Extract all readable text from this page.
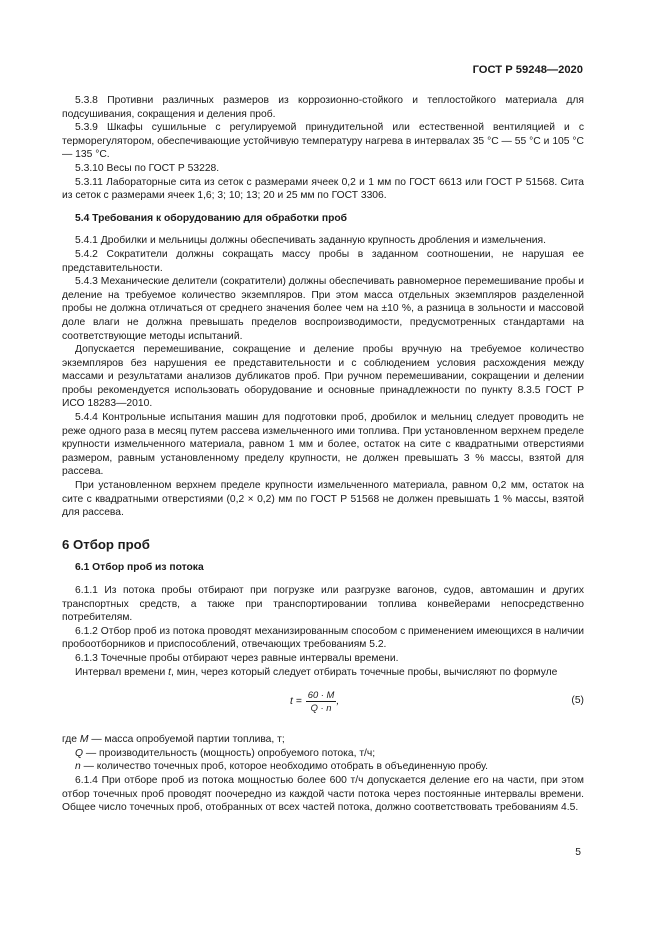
ГОСТ Р 59248—2020

5.3.8 Противни различных размеров из коррозионно-стойкого и теплостойкого материала для подсушивания, сокращения и деления проб.

5.3.9 Шкафы сушильные с регулируемой принудительной или естественной вентиляцией и с терморегулятором, обеспечивающие устойчивую температуру нагрева в интервалах 35 °С — 55 °С и 105 °С — 135 °С.

5.3.10 Весы по ГОСТ Р 53228.

5.3.11 Лабораторные сита из сеток с размерами ячеек 0,2 и 1 мм по ГОСТ 6613 или ГОСТ Р 51568. Сита из сеток с размерами ячеек 1,6; 3; 10; 13; 20 и 25 мм по ГОСТ 3306.

5.4 Требования к оборудованию для обработки проб

5.4.1 Дробилки и мельницы должны обеспечивать заданную крупность дробления и измельчения.

5.4.2 Сократители должны сокращать массу пробы в заданном соотношении, не нарушая ее представительности.

5.4.3 Механические делители (сократители) должны обеспечивать равномерное перемешивание пробы и деление на требуемое количество экземпляров. При этом масса отдельных экземпляров разделенной пробы не должна отличаться от среднего значения более чем на ±10 %, а разница в зольности и массовой доле влаги не должна превышать пределов воспроизводимости, предусмотренных стандартами на соответствующие методы испытаний.

Допускается перемешивание, сокращение и деление пробы вручную на требуемое количество экземпляров без нарушения ее представительности и с соблюдением условия расхождения между массами и результатами анализов дубликатов проб. При ручном перемешивании, сокращении и делении пробы рекомендуется использовать оборудование и основные принадлежности по пункту 8.3.5 ГОСТ Р ИСО 18283—2010.

5.4.4 Контрольные испытания машин для подготовки проб, дробилок и мельниц следует проводить не реже одного раза в месяц путем рассева измельченного ими топлива. При установленном верхнем пределе крупности измельченного материала, равном 1 мм и более, остаток на сите с квадратными отверстиями размером, равным установленному пределу крупности, не должен превышать 3 % массы, взятой для рассева.

При установленном верхнем пределе крупности измельченного материала, равном 0,2 мм, остаток на сите с квадратными отверстиями (0,2 × 0,2) мм по ГОСТ Р 51568 не должен превышать 1 % массы, взятой для рассева.

6 Отбор проб

6.1 Отбор проб из потока

6.1.1 Из потока пробы отбирают при погрузке или разгрузке вагонов, судов, автомашин и других транспортных средств, а также при транспортировании топлива конвейерами непосредственно потребителям.

6.1.2 Отбор проб из потока проводят механизированным способом с применением имеющихся в наличии пробоотборников и приспособлений, отвечающих требованиям 5.2.

6.1.3 Точечные пробы отбирают через равные интервалы времени.

Интервал времени t, мин, через который следует отбирать точечные пробы, вычисляют по формуле

$t = \frac{60 \cdot M}{Q \cdot n}$ ,	(5)

где M — масса опробуемой партии топлива, т;

Q — производительность (мощность) опробуемого потока, т/ч;

n — количество точечных проб, которое необходимо отобрать в объединенную пробу.

6.1.4 При отборе проб из потока мощностью более 600 т/ч допускается деление его на части, при этом отбор точечных проб проводят поочередно из каждой части потока через постоянные интервалы времени. Общее число точечных проб, отобранных от всех частей потока, должно соответствовать требованиям 4.5.

5
